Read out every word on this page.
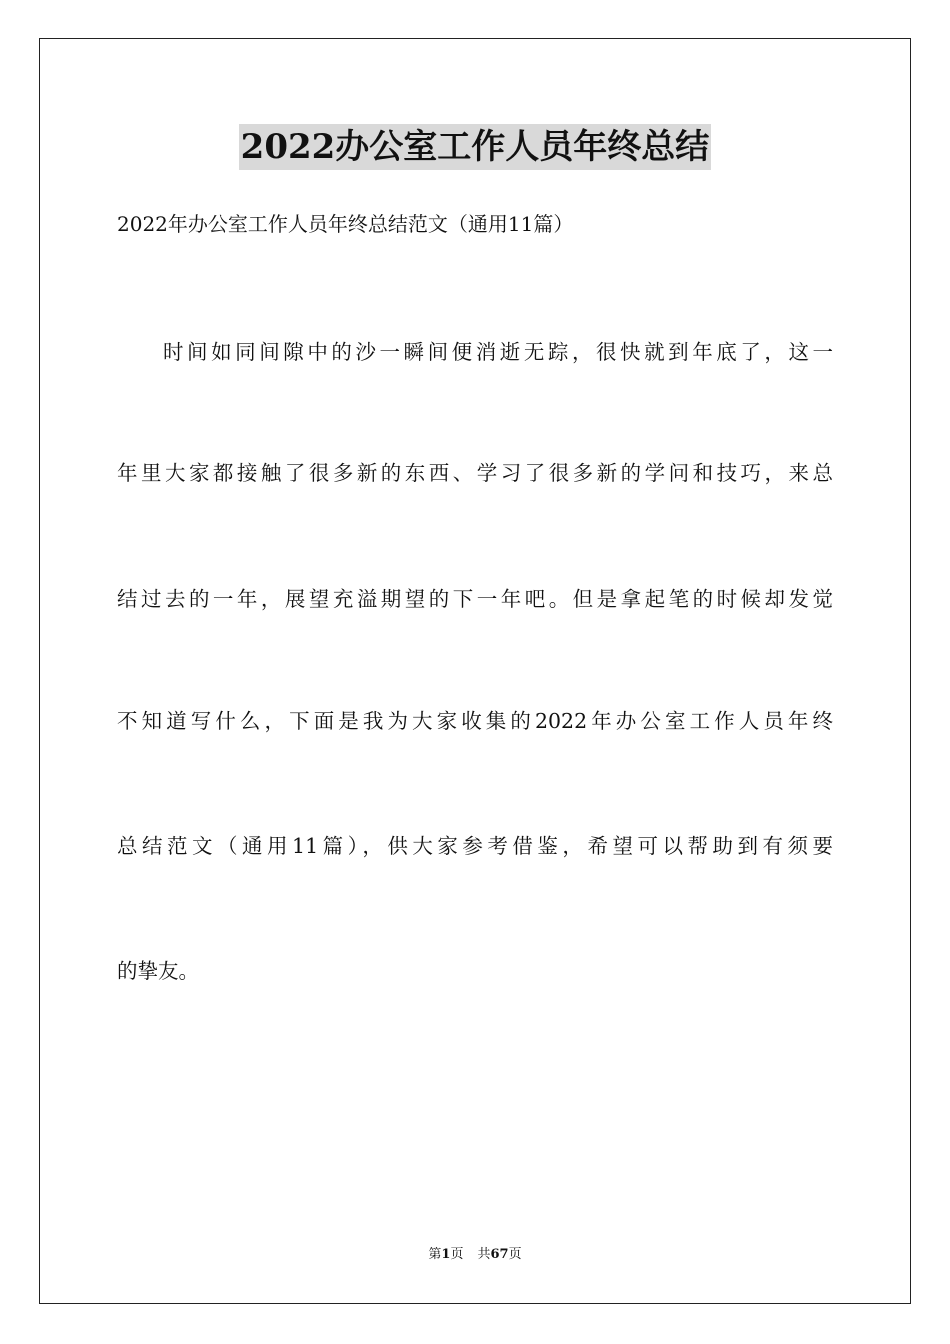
2022办公室工作人员年终总结
2022年办公室工作人员年终总结范文（通用11篇）
时间如同间隙中的沙一瞬间便消逝无踪，很快就到年底了，这一
年里大家都接触了很多新的东西、学习了很多新的学问和技巧，来总
结过去的一年，展望充溢期望的下一年吧。但是拿起笔的时候却发觉
不知道写什么，下面是我为大家收集的2022年办公室工作人员年终
总结范文（通用11篇），供大家参考借鉴，希望可以帮助到有须要
的挚友。
第1页 共67页
